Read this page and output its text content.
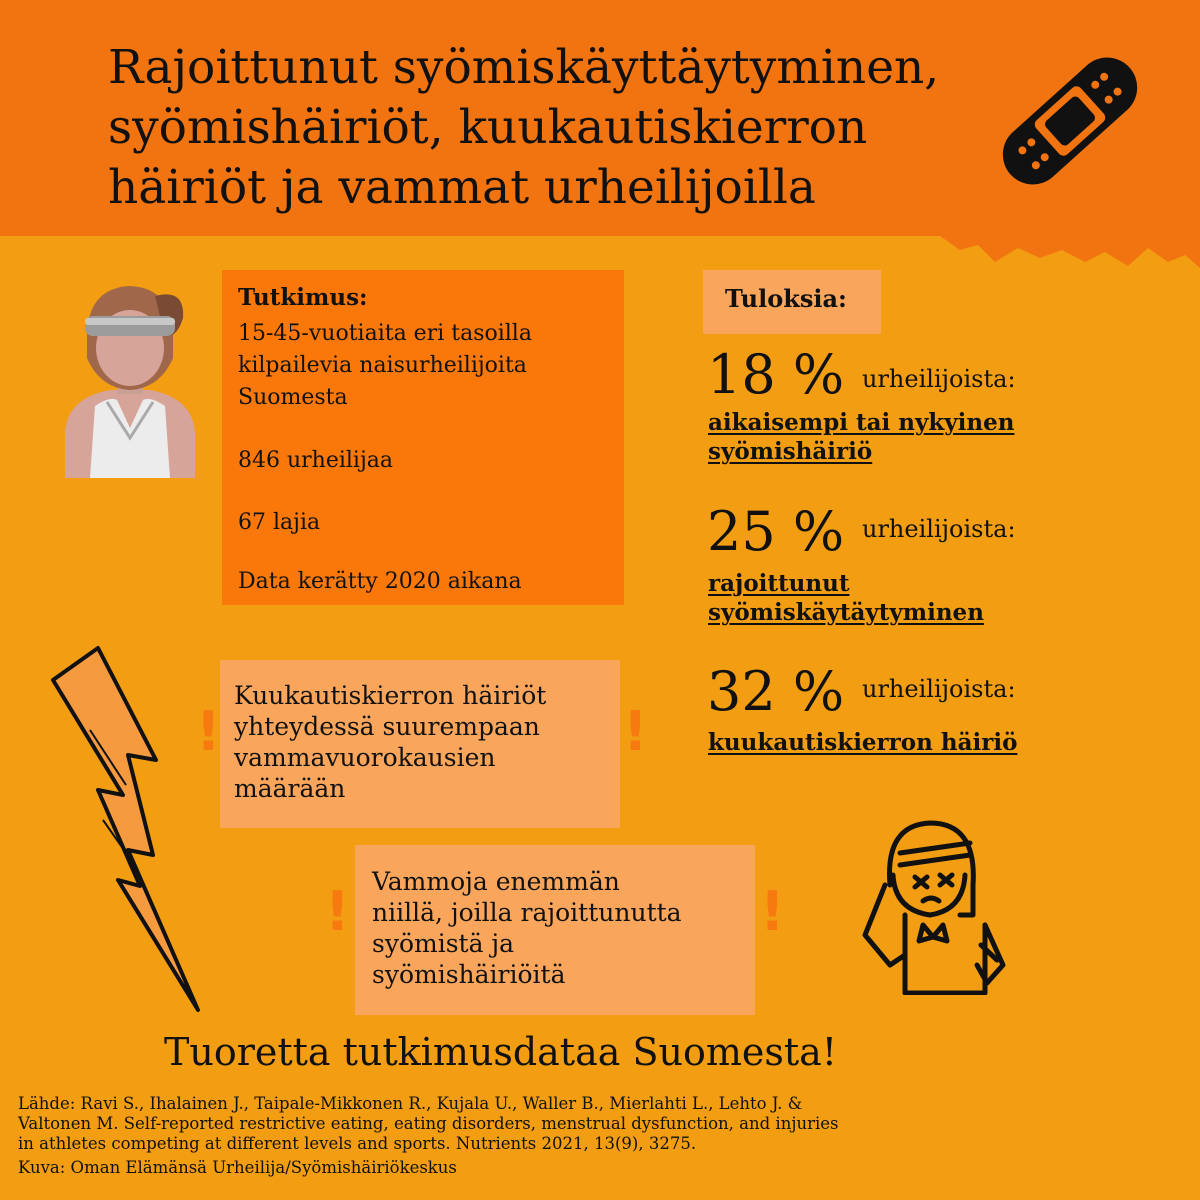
Rajoittunut syömiskäyttäytyminen,
syömishäiriöt, kuukautiskierron
häiriöt ja vammat urheilijoilla
Tutkimus:
15-45-vuotiaita eri tasoilla
kilpailevia naisurheilijoita
Suomesta
846 urheilijaa
67 lajia
Data kerätty 2020 aikana
Tuloksia:
18 % urheilijoista:
aikaisempi tai nykyinen
syömishäiriö
25 % urheilijoista:
rajoittunut
syömiskäytäytyminen
32 % urheilijoista:
kuukautiskierron häiriö
Kuukautiskierron häiriöt
yhteydessä suurempaan
vammavuorokausien
määrään
!	!
Vammoja enemmän
niillä, joilla rajoittunutta
syömistä ja
syömishäiriöitä
!	!
Tuoretta tutkimusdataa Suomesta!
Lähde: Ravi S., Ihalainen J., Taipale-Mikkonen R., Kujala U., Waller B., Mierlahti L., Lehto J. &
Valtonen M. Self-reported restrictive eating, eating disorders, menstrual dysfunction, and injuries
in athletes competing at different levels and sports. Nutrients 2021, 13(9), 3275.
Kuva: Oman Elämänsä Urheilija/Syömishäiriökeskus
